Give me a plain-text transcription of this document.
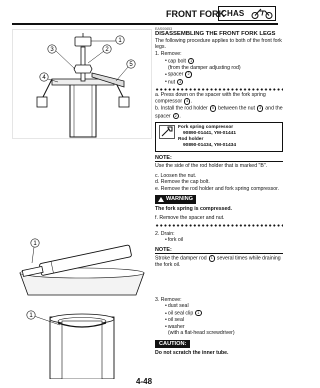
FRONT FORK
CHAS
3	2
1
4
5
1
1
EAS00653
DISASSEMBLING THE FRONT FORK LEGS

The following procedure applies to both of the front fork legs.

1. Remove:

• cap bolt 1

(from the damper adjusting rod)

• spacer 2

• nut 3

a. Press down on the spacer with the fork spring compressor 4 .

b. Install the rod holder 5 between the nut 3 and the spacer 2 .

Fork spring compressor
90890-01441, YM-01441
Rod holder
90890-01434, YM-01434
NOTE:

Use the side of the rod holder that is marked "B".

c. Loosen the nut.

d. Remove the cap bolt.

e. Remove the rod holder and fork spring compressor.

WARNING

The fork spring is compressed.

f. Remove the spacer and nut.

2. Drain:

• fork oil

NOTE:

Stroke the damper rod 1 several times while draining the fork oil.

3. Remove:

• dust seal

• oil seal clip 1

• oil seal

• washer

(with a flat-head screwdriver)

CAUTION:

Do not scratch the inner tube.

4-48
